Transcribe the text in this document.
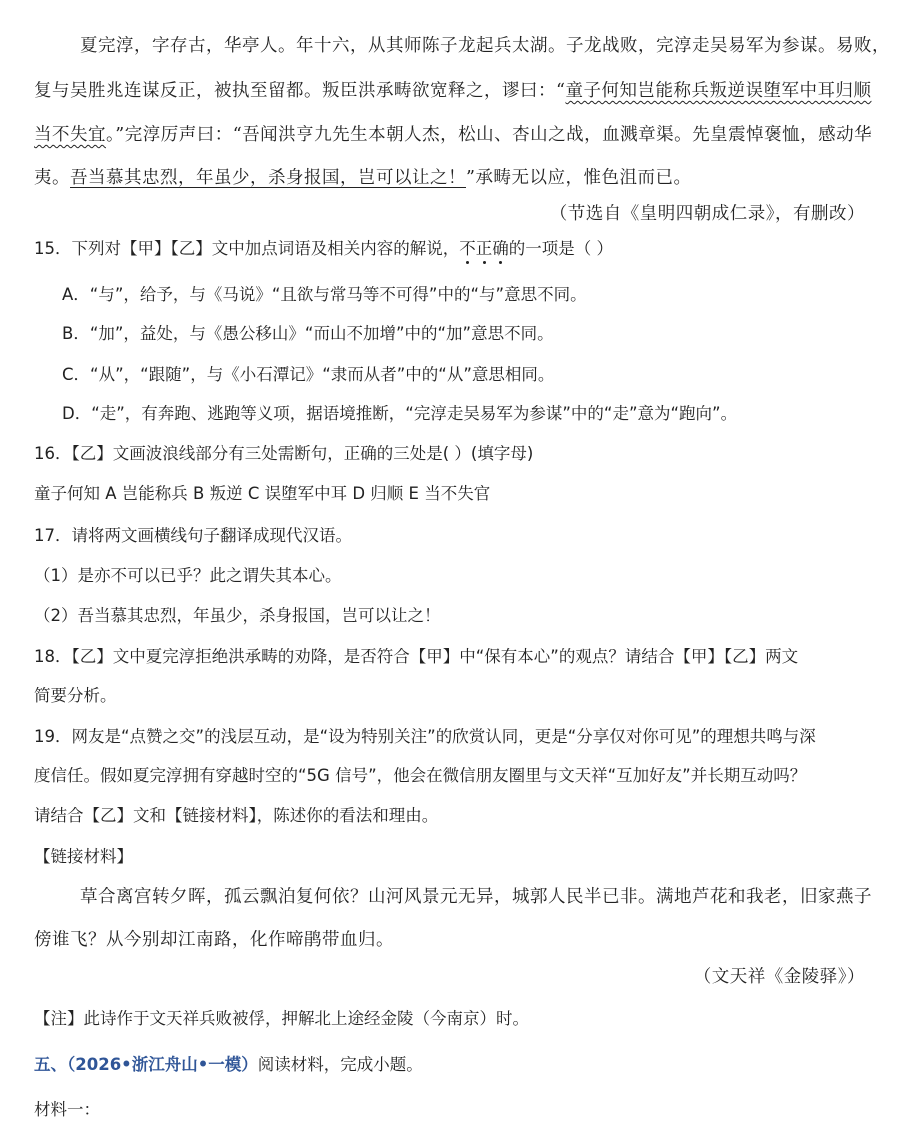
夏完淳，字存古，华亭人。年十六，从其师陈子龙起兵太湖。子龙战败，完淳走吴易军为参谋。易败，
复与吴胜兆连谋反正，被执至留都。叛臣洪承畴欲宽释之，谬曰：“童子何知岂能称兵叛逆误堕军中耳归顺
当不失宜。”完淳厉声曰：“吾闻洪亨九先生本朝人杰，松山、杏山之战，血溅章渠。先皇震悼褒恤，感动华
夷。吾当慕其忠烈，年虽少，杀身报国，岂可以让之！”承畴无以应，惟色沮而已。
（节选自《皇明四朝成仁录》，有删改）
15．下列对【甲】【乙】文中加点词语及相关内容的解说，不正确的一项是（ ）
A．“与”，给予，与《马说》“且欲与常马等不可得”中的“与”意思不同。
B．“加”，益处，与《愚公移山》“而山不加增”中的“加”意思不同。
C．“从”，“跟随”，与《小石潭记》“隶而从者”中的“从”意思相同。
D．“走”，有奔跑、逃跑等义项，据语境推断，“完淳走吴易军为参谋”中的“走”意为“跑向”。
16．【乙】文画波浪线部分有三处需断句，正确的三处是( ）(填字母)
童子何知 A 岂能称兵 B 叛逆 C 误堕军中耳 D 归顺 E 当不失官
17．请将两文画横线句子翻译成现代汉语。
（1）是亦不可以已乎？此之谓失其本心。
（2）吾当慕其忠烈，年虽少，杀身报国，岂可以让之！
18．【乙】文中夏完淳拒绝洪承畴的劝降，是否符合【甲】中“保有本心”的观点？请结合【甲】【乙】两文
简要分析。
19．网友是“点赞之交”的浅层互动，是“设为特别关注”的欣赏认同，更是“分享仅对你可见”的理想共鸣与深
度信任。假如夏完淳拥有穿越时空的“5G 信号”，他会在微信朋友圈里与文天祥“互加好友”并长期互动吗？
请结合【乙】文和【链接材料】，陈述你的看法和理由。
【链接材料】
草合离宫转夕晖，孤云飘泊复何依？山河风景元无异，城郭人民半已非。满地芦花和我老，旧家燕子
傍谁飞？从今别却江南路，化作啼鹃带血归。
（文天祥《金陵驿》）
【注】此诗作于文天祥兵败被俘，押解北上途经金陵（今南京）时。
五、（2026•浙江舟山•一模）阅读材料，完成小题。
材料一：
